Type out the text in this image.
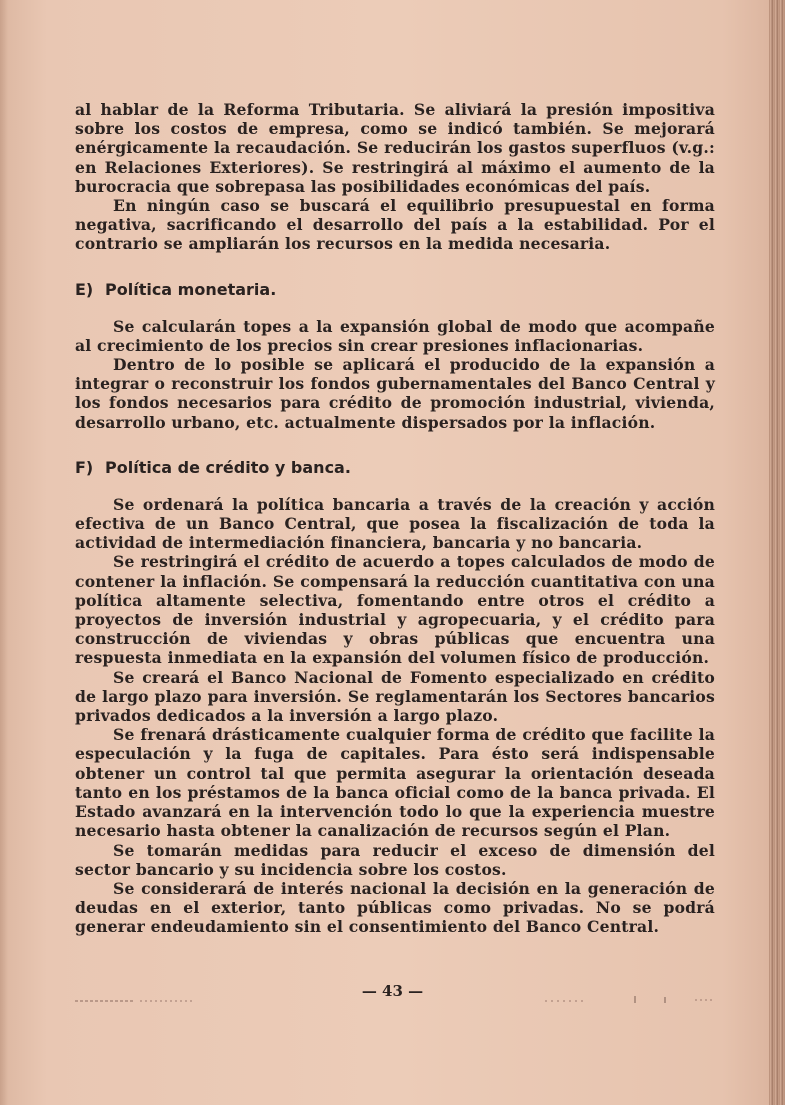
al hablar de la Reforma Tributaria. Se aliviará la presión impositiva sobre los costos de empresa, como se indicó también. Se mejorará enérgicamente la recaudación. Se reducirán los gastos superfluos (v.g.: en Relaciones Exteriores). Se restringirá al máximo el aumento de la burocracia que sobrepasa las posibilidades económicas del país.

En ningún caso se buscará el equilibrio presupuestal en forma negativa, sacrificando el desarrollo del país a la estabilidad. Por el contrario se ampliarán los recursos en la medida necesaria.

E) Política monetaria.

Se calcularán topes a la expansión global de modo que acompañe al crecimiento de los precios sin crear presiones inflacionarias.

Dentro de lo posible se aplicará el producido de la expansión a integrar o reconstruir los fondos gubernamentales del Banco Central y los fondos necesarios para crédito de promoción industrial, vivienda, desarrollo urbano, etc. actualmente dispersados por la inflación.

F) Política de crédito y banca.

Se ordenará la política bancaria a través de la creación y acción efectiva de un Banco Central, que posea la fiscalización de toda la actividad de intermediación financiera, bancaria y no bancaria.

Se restringirá el crédito de acuerdo a topes calculados de modo de contener la inflación. Se compensará la reducción cuantitativa con una política altamente selectiva, fomentando entre otros el crédito a proyectos de inversión industrial y agropecuaria, y el crédito para construcción de viviendas y obras públicas que encuentra una respuesta inmediata en la expansión del volumen físico de producción.

Se creará el Banco Nacional de Fomento especializado en crédito de largo plazo para inversión. Se reglamentarán los Sectores bancarios privados dedicados a la inversión a largo plazo.

Se frenará drásticamente cualquier forma de crédito que facilite la especulación y la fuga de capitales. Para ésto será indispensable obtener un control tal que permita asegurar la orientación deseada tanto en los préstamos de la banca oficial como de la banca privada. El Estado avanzará en la intervención todo lo que la experiencia muestre necesario hasta obtener la canalización de recursos según el Plan.

Se tomarán medidas para reducir el exceso de dimensión del sector bancario y su incidencia sobre los costos.

Se considerará de interés nacional la decisión en la generación de deudas en el exterior, tanto públicas como privadas. No se podrá generar endeudamiento sin el consentimiento del Banco Central.

— 43 —
